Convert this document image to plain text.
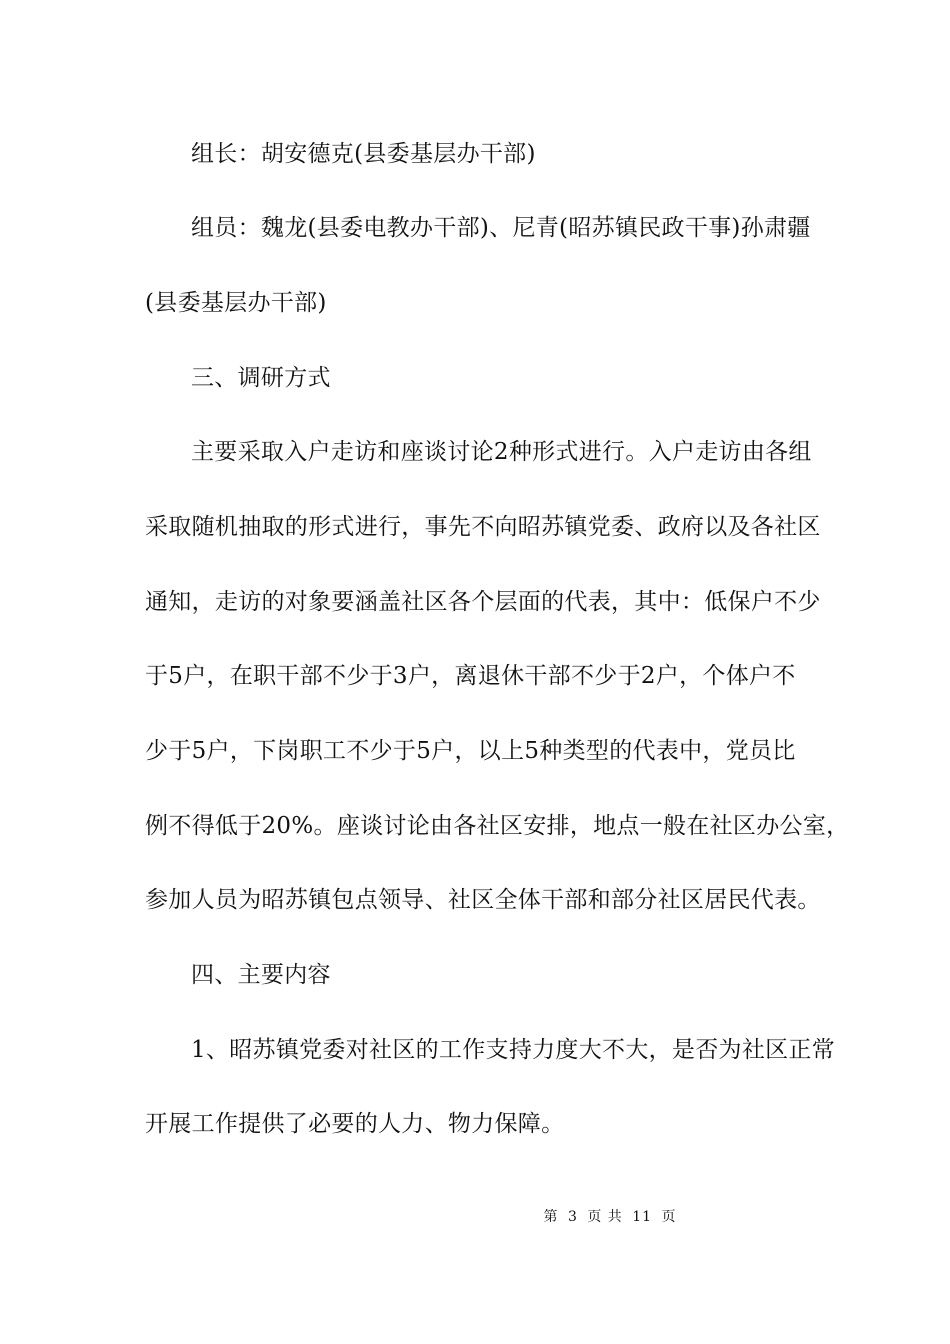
组长：胡安德克(县委基层办干部)
组员：魏龙(县委电教办干部)、尼青(昭苏镇民政干事)孙肃疆
(县委基层办干部)
三、调研方式
主要采取入户走访和座谈讨论2种形式进行。入户走访由各组
采取随机抽取的形式进行，事先不向昭苏镇党委、政府以及各社区
通知，走访的对象要涵盖社区各个层面的代表，其中：低保户不少
于5户，在职干部不少于3户，离退休干部不少于2户，个体户不
少于5户，下岗职工不少于5户，以上5种类型的代表中，党员比
例不得低于20%。座谈讨论由各社区安排，地点一般在社区办公室，
参加人员为昭苏镇包点领导、社区全体干部和部分社区居民代表。
四、主要内容
1、昭苏镇党委对社区的工作支持力度大不大，是否为社区正常
开展工作提供了必要的人力、物力保障。
第 3 页 共 11 页
